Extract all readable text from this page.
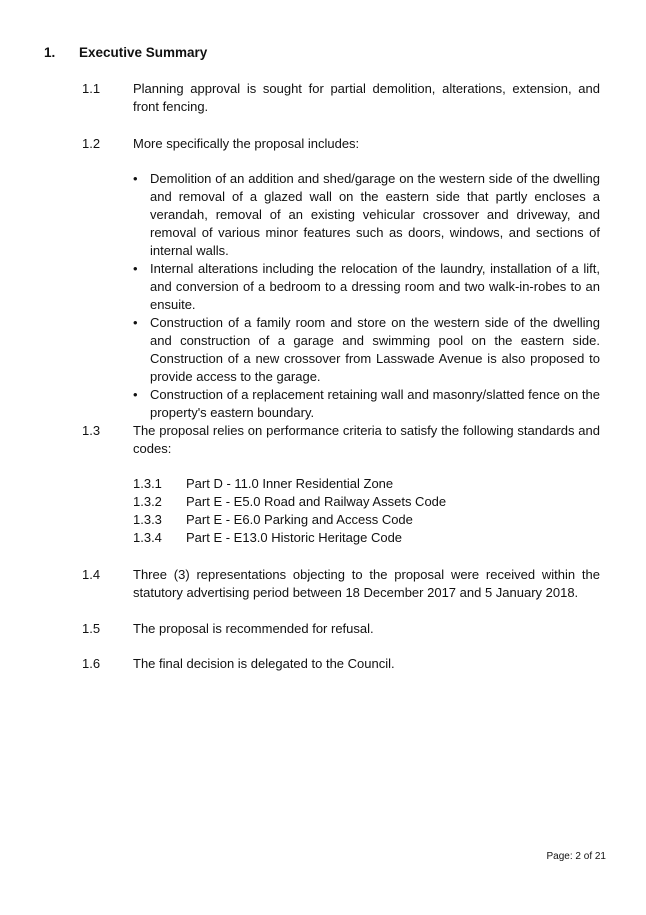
1. Executive Summary
1.1	Planning approval is sought for partial demolition, alterations, extension, and front fencing.
1.2	More specifically the proposal includes:
• Demolition of an addition and shed/garage on the western side of the dwelling and removal of a glazed wall on the eastern side that partly encloses a verandah, removal of an existing vehicular crossover and driveway, and removal of various minor features such as doors, windows, and sections of internal walls.
• Internal alterations including the relocation of the laundry, installation of a lift, and conversion of a bedroom to a dressing room and two walk-in-robes to an ensuite.
• Construction of a family room and store on the western side of the dwelling and construction of a garage and swimming pool on the eastern side. Construction of a new crossover from Lasswade Avenue is also proposed to provide access to the garage.
• Construction of a replacement retaining wall and masonry/slatted fence on the property's eastern boundary.
1.3	The proposal relies on performance criteria to satisfy the following standards and codes:
1.3.1 Part D - 11.0 Inner Residential Zone
1.3.2 Part E - E5.0 Road and Railway Assets Code
1.3.3 Part E - E6.0 Parking and Access Code
1.3.4 Part E - E13.0 Historic Heritage Code
1.4	Three (3) representations objecting to the proposal were received within the statutory advertising period between 18 December 2017 and 5 January 2018.
1.5	The proposal is recommended for refusal.
1.6	The final decision is delegated to the Council.
Page: 2 of 21
